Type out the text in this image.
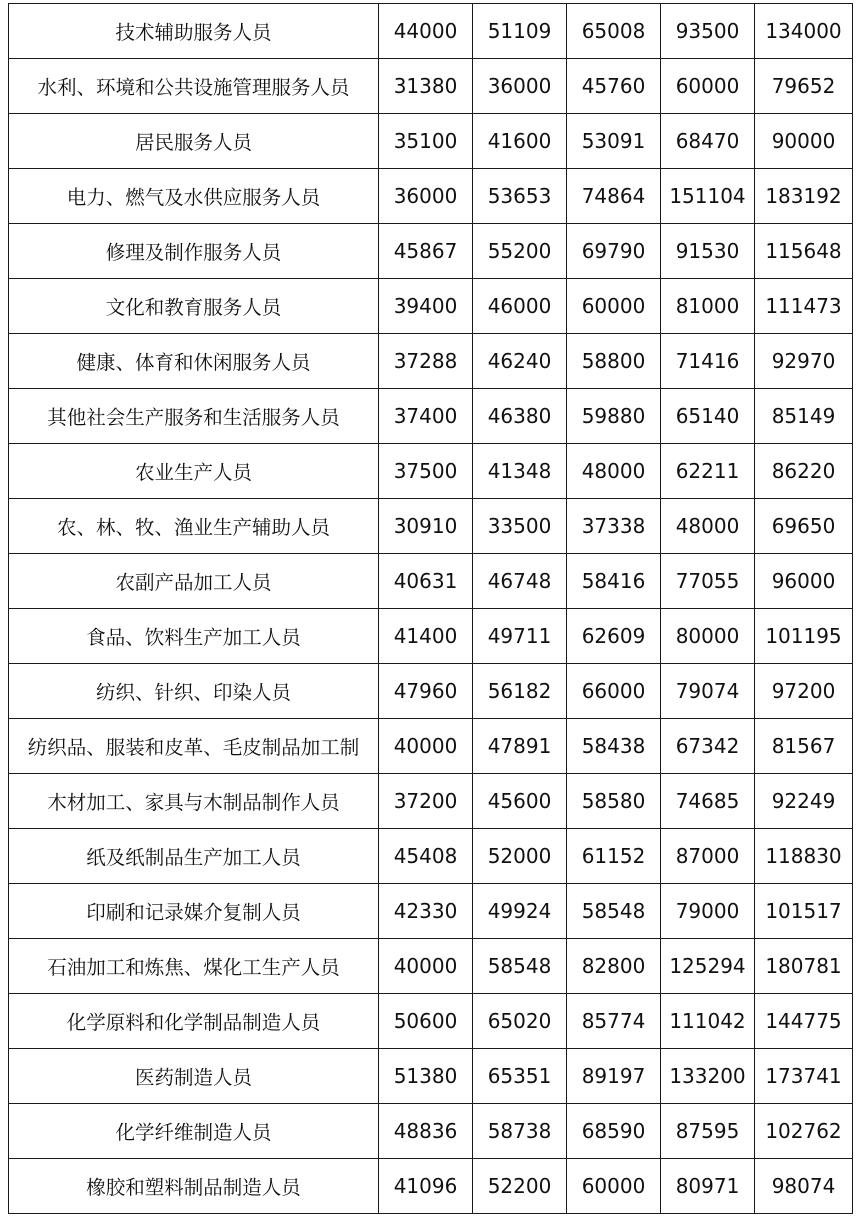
技术辅助服务人员	44000	51109	65008	93500	134000
水利、环境和公共设施管理服务人员	31380	36000	45760	60000	79652
居民服务人员	35100	41600	53091	68470	90000
电力、燃气及水供应服务人员	36000	53653	74864	151104	183192
修理及制作服务人员	45867	55200	69790	91530	115648
文化和教育服务人员	39400	46000	60000	81000	111473
健康、体育和休闲服务人员	37288	46240	58800	71416	92970
其他社会生产服务和生活服务人员	37400	46380	59880	65140	85149
农业生产人员	37500	41348	48000	62211	86220
农、林、牧、渔业生产辅助人员	30910	33500	37338	48000	69650
农副产品加工人员	40631	46748	58416	77055	96000
食品、饮料生产加工人员	41400	49711	62609	80000	101195
纺织、针织、印染人员	47960	56182	66000	79074	97200
纺织品、服装和皮革、毛皮制品加工制	40000	47891	58438	67342	81567
木材加工、家具与木制品制作人员	37200	45600	58580	74685	92249
纸及纸制品生产加工人员	45408	52000	61152	87000	118830
印刷和记录媒介复制人员	42330	49924	58548	79000	101517
石油加工和炼焦、煤化工生产人员	40000	58548	82800	125294	180781
化学原料和化学制品制造人员	50600	65020	85774	111042	144775
医药制造人员	51380	65351	89197	133200	173741
化学纤维制造人员	48836	58738	68590	87595	102762
橡胶和塑料制品制造人员	41096	52200	60000	80971	98074
